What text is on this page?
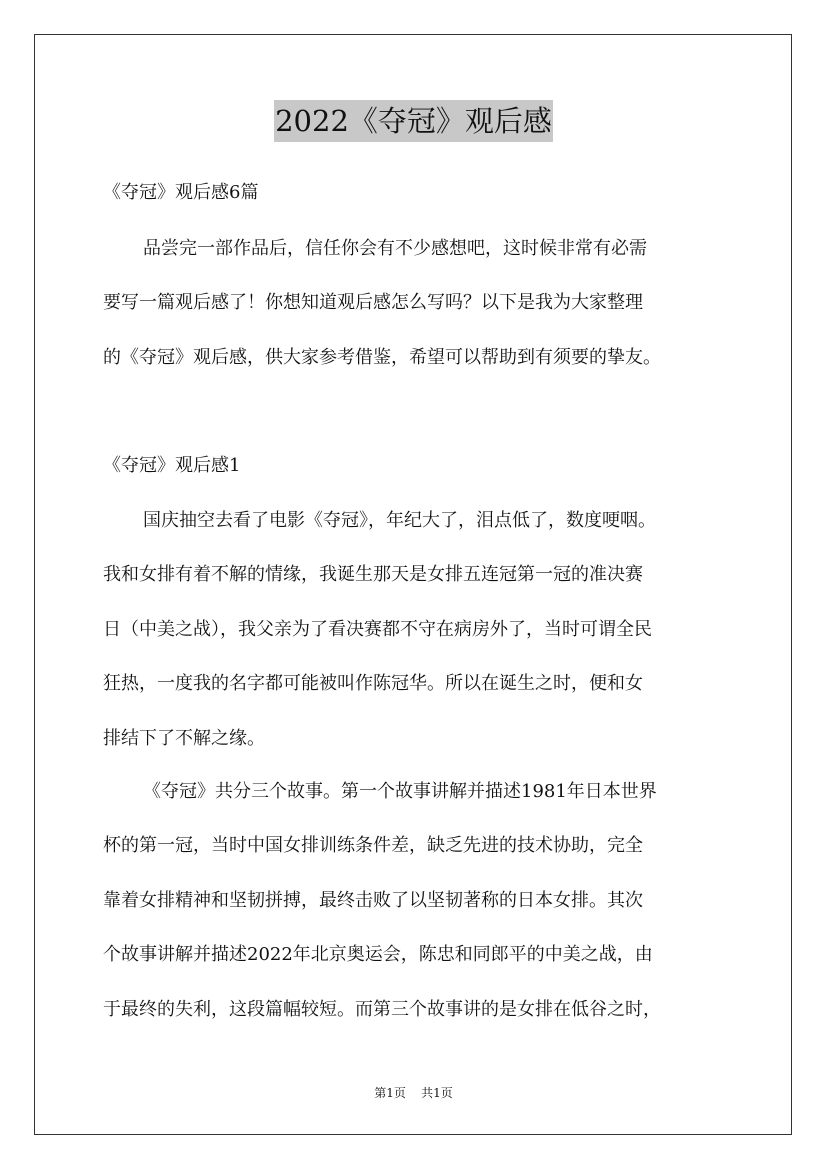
2022《夺冠》观后感
《夺冠》观后感6篇
品尝完一部作品后，信任你会有不少感想吧，这时候非常有必需
要写一篇观后感了！你想知道观后感怎么写吗？以下是我为大家整理
的《夺冠》观后感，供大家参考借鉴，希望可以帮助到有须要的挚友。
《夺冠》观后感1
国庆抽空去看了电影《夺冠》，年纪大了，泪点低了，数度哽咽。
我和女排有着不解的情缘，我诞生那天是女排五连冠第一冠的准决赛
日（中美之战），我父亲为了看决赛都不守在病房外了，当时可谓全民
狂热，一度我的名字都可能被叫作陈冠华。所以在诞生之时，便和女
排结下了不解之缘。
《夺冠》共分三个故事。第一个故事讲解并描述1981年日本世界
杯的第一冠，当时中国女排训练条件差，缺乏先进的技术协助，完全
靠着女排精神和坚韧拼搏，最终击败了以坚韧著称的日本女排。其次
个故事讲解并描述2022年北京奥运会，陈忠和同郎平的中美之战，由
于最终的失利，这段篇幅较短。而第三个故事讲的是女排在低谷之时，
第1页 共1页
